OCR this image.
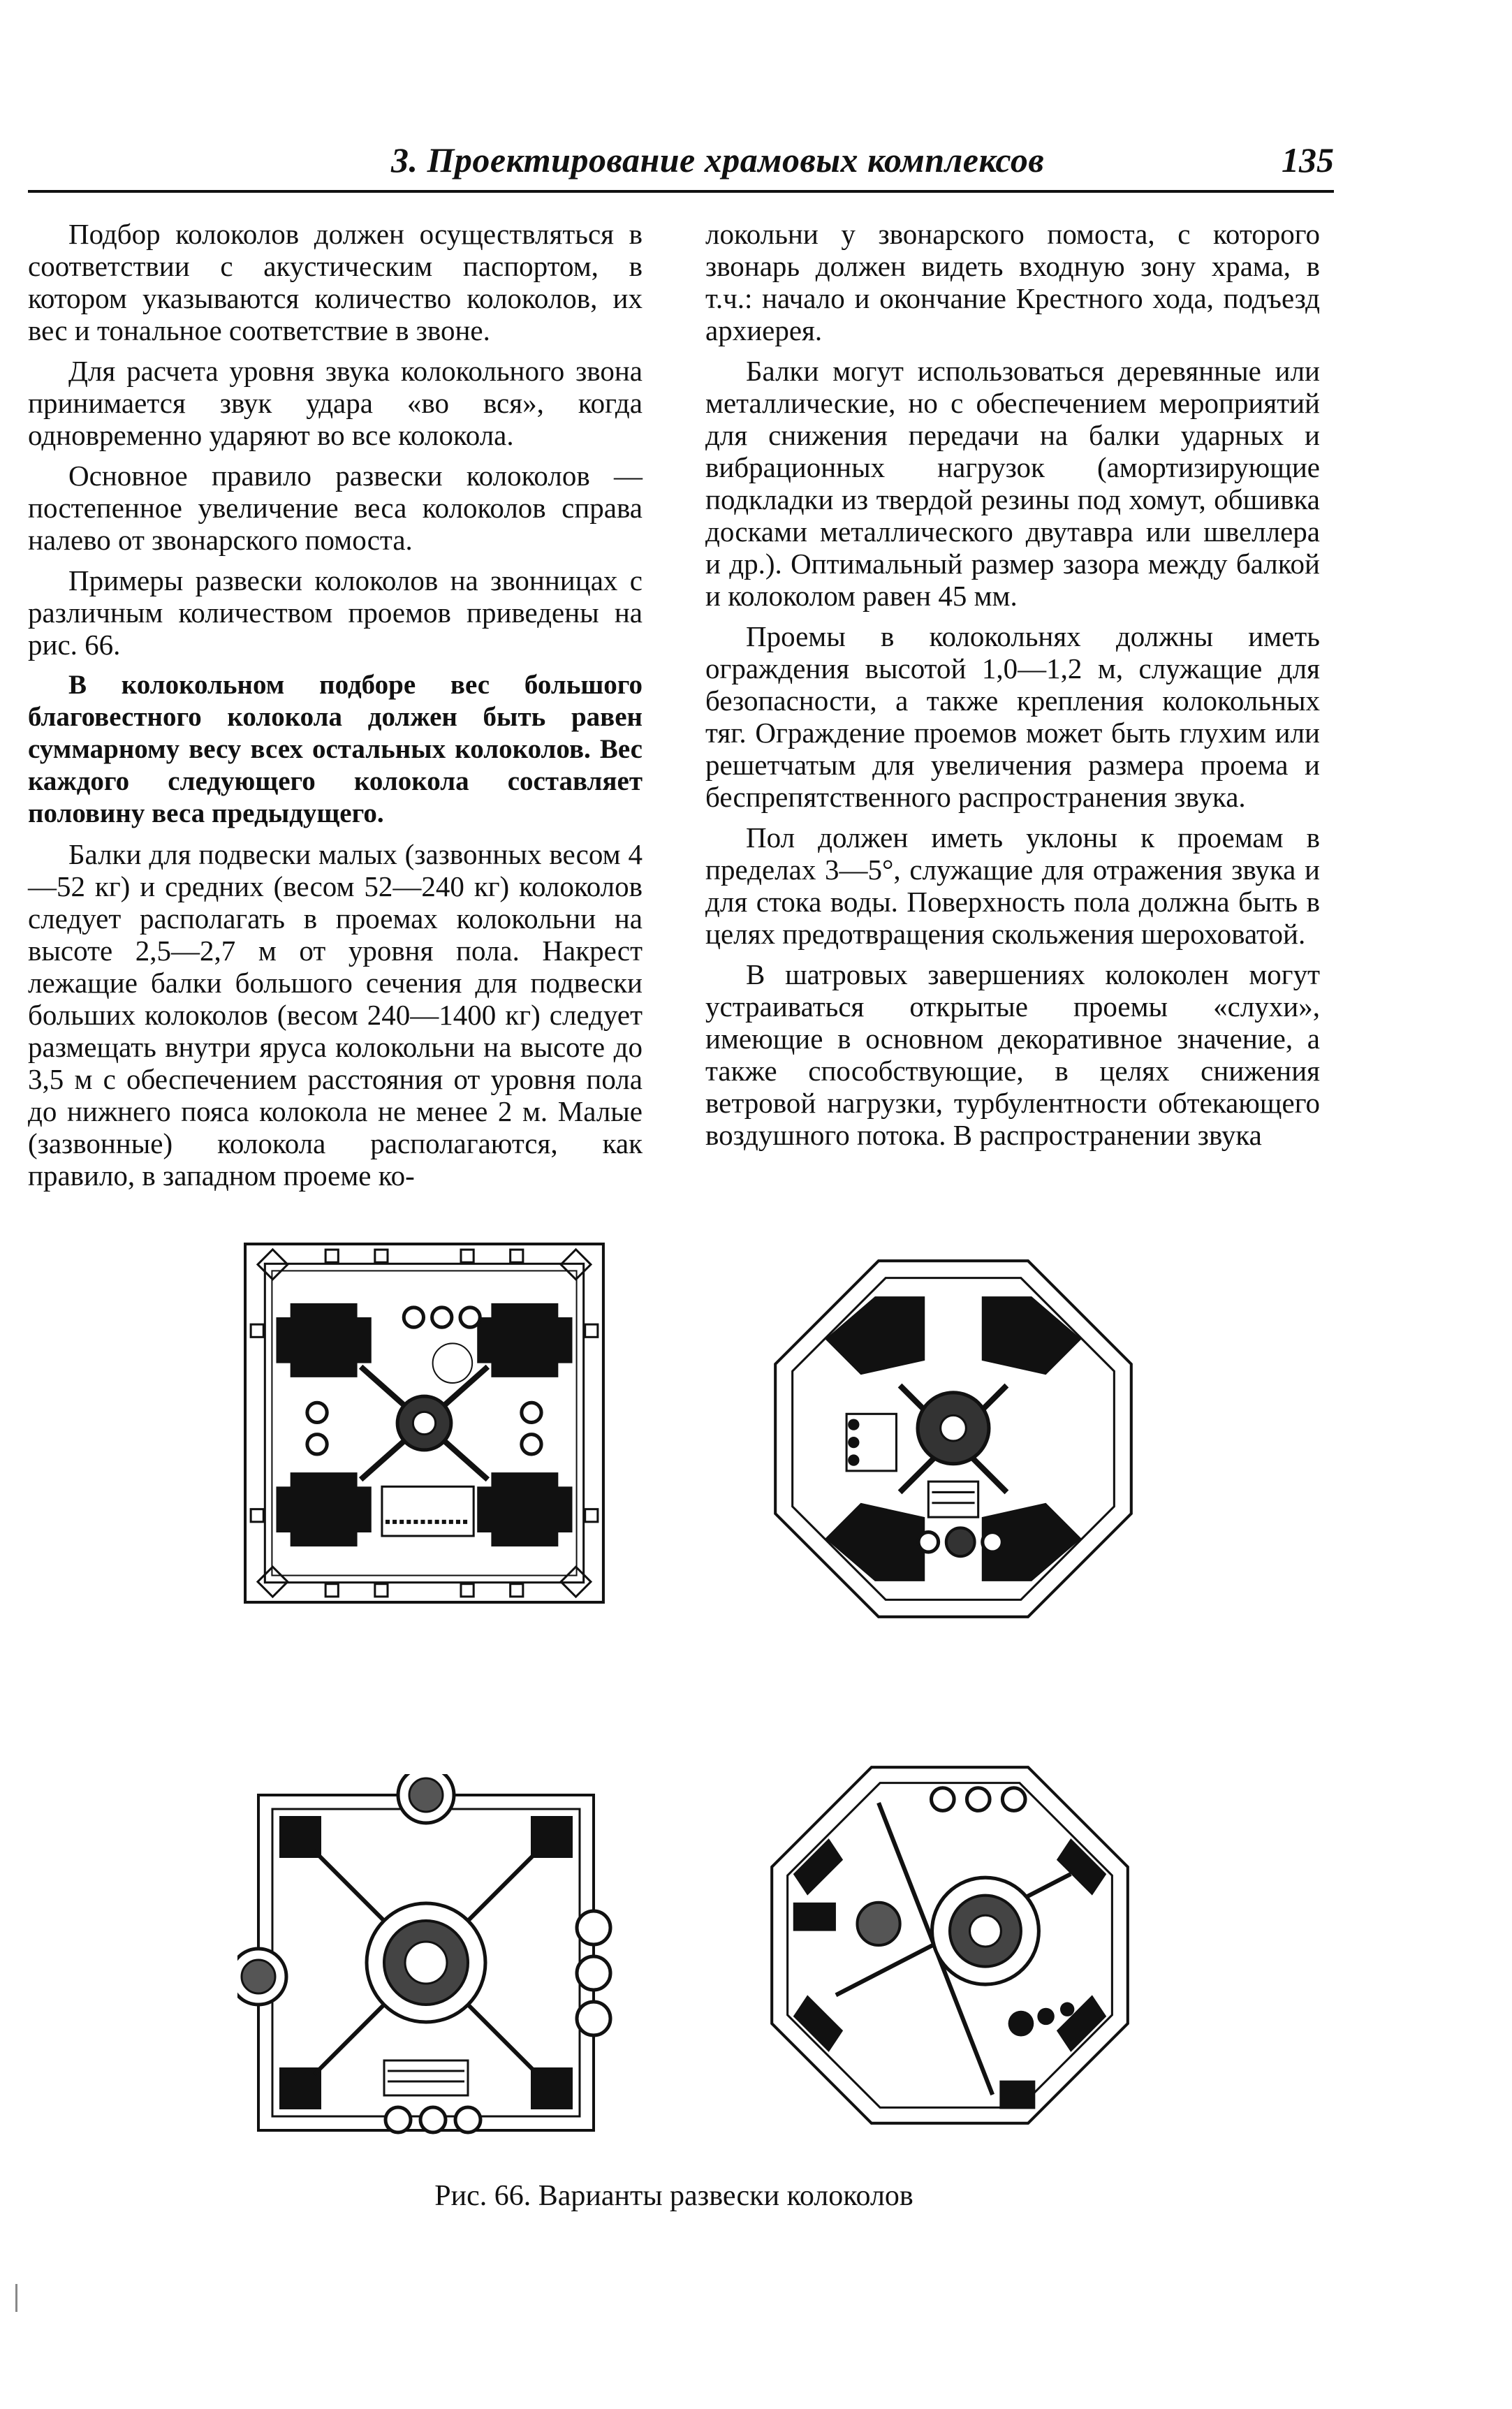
3. Проектирование храмовых комплексов	135

Подбор колоколов должен осуществляться в соответствии с акустическим паспортом, в котором указываются количество колоколов, их вес и тональное соответствие в звоне.

Для расчета уровня звука колокольного звона принимается звук удара «во вся», когда одновременно ударяют во все колокола.

Основное правило развески колоколов — постепенное увеличение веса колоколов справа налево от звонарского помоста.

Примеры развески колоколов на звонницах с различным количеством проемов приведены на рис. 66.

В колокольном подборе вес большого благовестного колокола должен быть равен суммарному весу всех остальных колоколов. Вес каждого следующего колокола составляет половину веса предыдущего.

Балки для подвески малых (зазвонных весом 4—52 кг) и средних (весом 52—240 кг) колоколов следует располагать в проемах колокольни на высоте 2,5—2,7 м от уровня пола. Накрест лежащие балки большого сечения для подвески больших колоколов (весом 240—1400 кг) следует размещать внутри яруса колокольни на высоте до 3,5 м с обеспечением расстояния от уровня пола до нижнего пояса колокола не менее 2 м. Малые (зазвонные) колокола располагаются, как правило, в западном проеме ко-

локольни у звонарского помоста, с которого звонарь должен видеть входную зону храма, в т.ч.: начало и окончание Крестного хода, подъезд архиерея.

Балки могут использоваться деревянные или металлические, но с обеспечением мероприятий для снижения передачи на балки ударных и вибрационных нагрузок (амортизирующие подкладки из твердой резины под хомут, обшивка досками металлического двутавра или швеллера и др.). Оптимальный размер зазора между балкой и колоколом равен 45 мм.

Проемы в колокольнях должны иметь ограждения высотой 1,0—1,2 м, служащие для безопасности, а также крепления колокольных тяг. Ограждение проемов может быть глухим или решетчатым для увеличения размера проема и беспрепятственного распространения звука.

Пол должен иметь уклоны к проемам в пределах 3—5°, служащие для отражения звука и для стока воды. Поверхность пола должна быть в целях предотвращения скольжения шероховатой.

В шатровых завершениях колоколен могут устраиваться открытые проемы «слухи», имеющие в основном декоративное значение, а также способствующие, в целях снижения ветровой нагрузки, турбулентности обтекающего воздушного потока. В распространении звука

Рис. 66. Варианты развески колоколов
